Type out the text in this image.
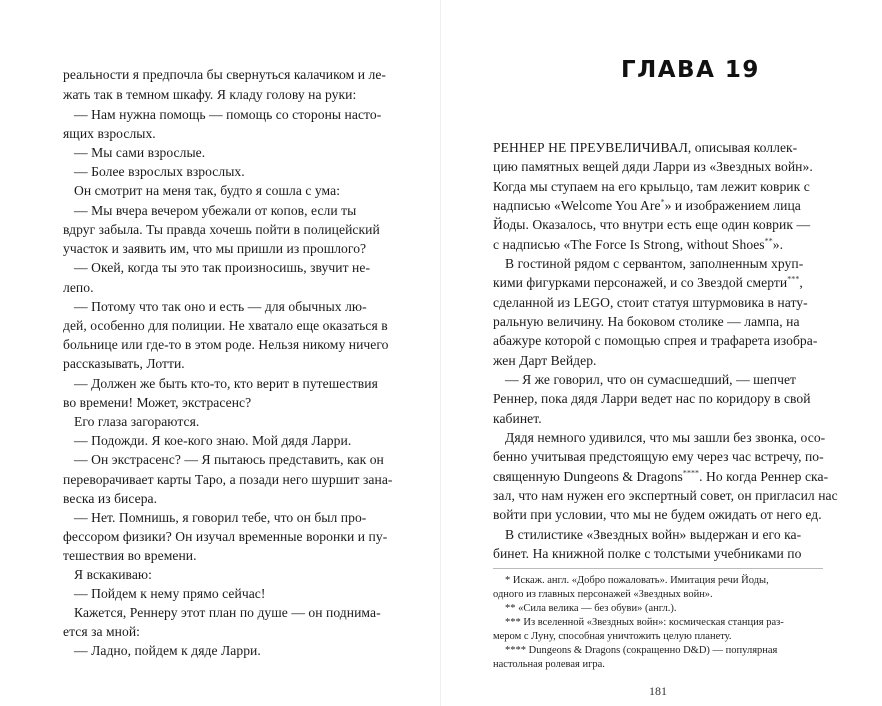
реальности я предпочла бы свернуться калачиком и ле-
жать так в темном шкафу. Я кладу голову на руки:
— Нам нужна помощь — помощь со стороны насто-
ящих взрослых.
— Мы сами взрослые.
— Более взрослых взрослых.
Он смотрит на меня так, будто я сошла с ума:
— Мы вчера вечером убежали от копов, если ты
вдруг забыла. Ты правда хочешь пойти в полицейский
участок и заявить им, что мы пришли из прошлого?
— Окей, когда ты это так произносишь, звучит не-
лепо.
— Потому что так оно и есть — для обычных лю-
дей, особенно для полиции. Не хватало еще оказаться в
больнице или где-то в этом роде. Нельзя никому ничего
рассказывать, Лотти.
— Должен же быть кто-то, кто верит в путешествия
во времени! Может, экстрасенс?
Его глаза загораются.
— Подожди. Я кое-кого знаю. Мой дядя Ларри.
— Он экстрасенс? — Я пытаюсь представить, как он
переворачивает карты Таро, а позади него шуршит зана-
веска из бисера.
— Нет. Помнишь, я говорил тебе, что он был про-
фессором физики? Он изучал временные воронки и пу-
тешествия во времени.
Я вскакиваю:
— Пойдем к нему прямо сейчас!
Кажется, Реннеру этот план по душе — он поднима-
ется за мной:
— Ладно, пойдем к дяде Ларри.
ГЛАВА 19
РЕННЕР НЕ ПРЕУВЕЛИЧИВАЛ, описывая коллек-
цию памятных вещей дяди Ларри из «Звездных войн».
Когда мы ступаем на его крыльцо, там лежит коврик с
надписью «Welcome You Are*» и изображением лица
Йоды. Оказалось, что внутри есть еще один коврик —
с надписью «The Force Is Strong, without Shoes**».
В гостиной рядом с сервантом, заполненным хруп-
кими фигурками персонажей, и со Звездой смерти***,
сделанной из LEGO, стоит статуя штурмовика в нату-
ральную величину. На боковом столике — лампа, на
абажуре которой с помощью спрея и трафарета изобра-
жен Дарт Вейдер.
— Я же говорил, что он сумасшедший, — шепчет
Реннер, пока дядя Ларри ведет нас по коридору в свой
кабинет.
Дядя немного удивился, что мы зашли без звонка, осо-
бенно учитывая предстоящую ему через час встречу, по-
священную Dungeons & Dragons****. Но когда Реннер ска-
зал, что нам нужен его экспертный совет, он пригласил нас
войти при условии, что мы не будем ожидать от него ед.
В стилистике «Звездных войн» выдержан и его ка-
бинет. На книжной полке с толстыми учебниками по
* Искаж. англ. «Добро пожаловать». Имитация речи Йоды,
одного из главных персонажей «Звездных войн».
** «Сила велика — без обуви» (англ.).
*** Из вселенной «Звездных войн»: космическая станция раз-
мером с Луну, способная уничтожить целую планету.
**** Dungeons & Dragons (сокращенно D&D) — популярная
настольная ролевая игра.
181
